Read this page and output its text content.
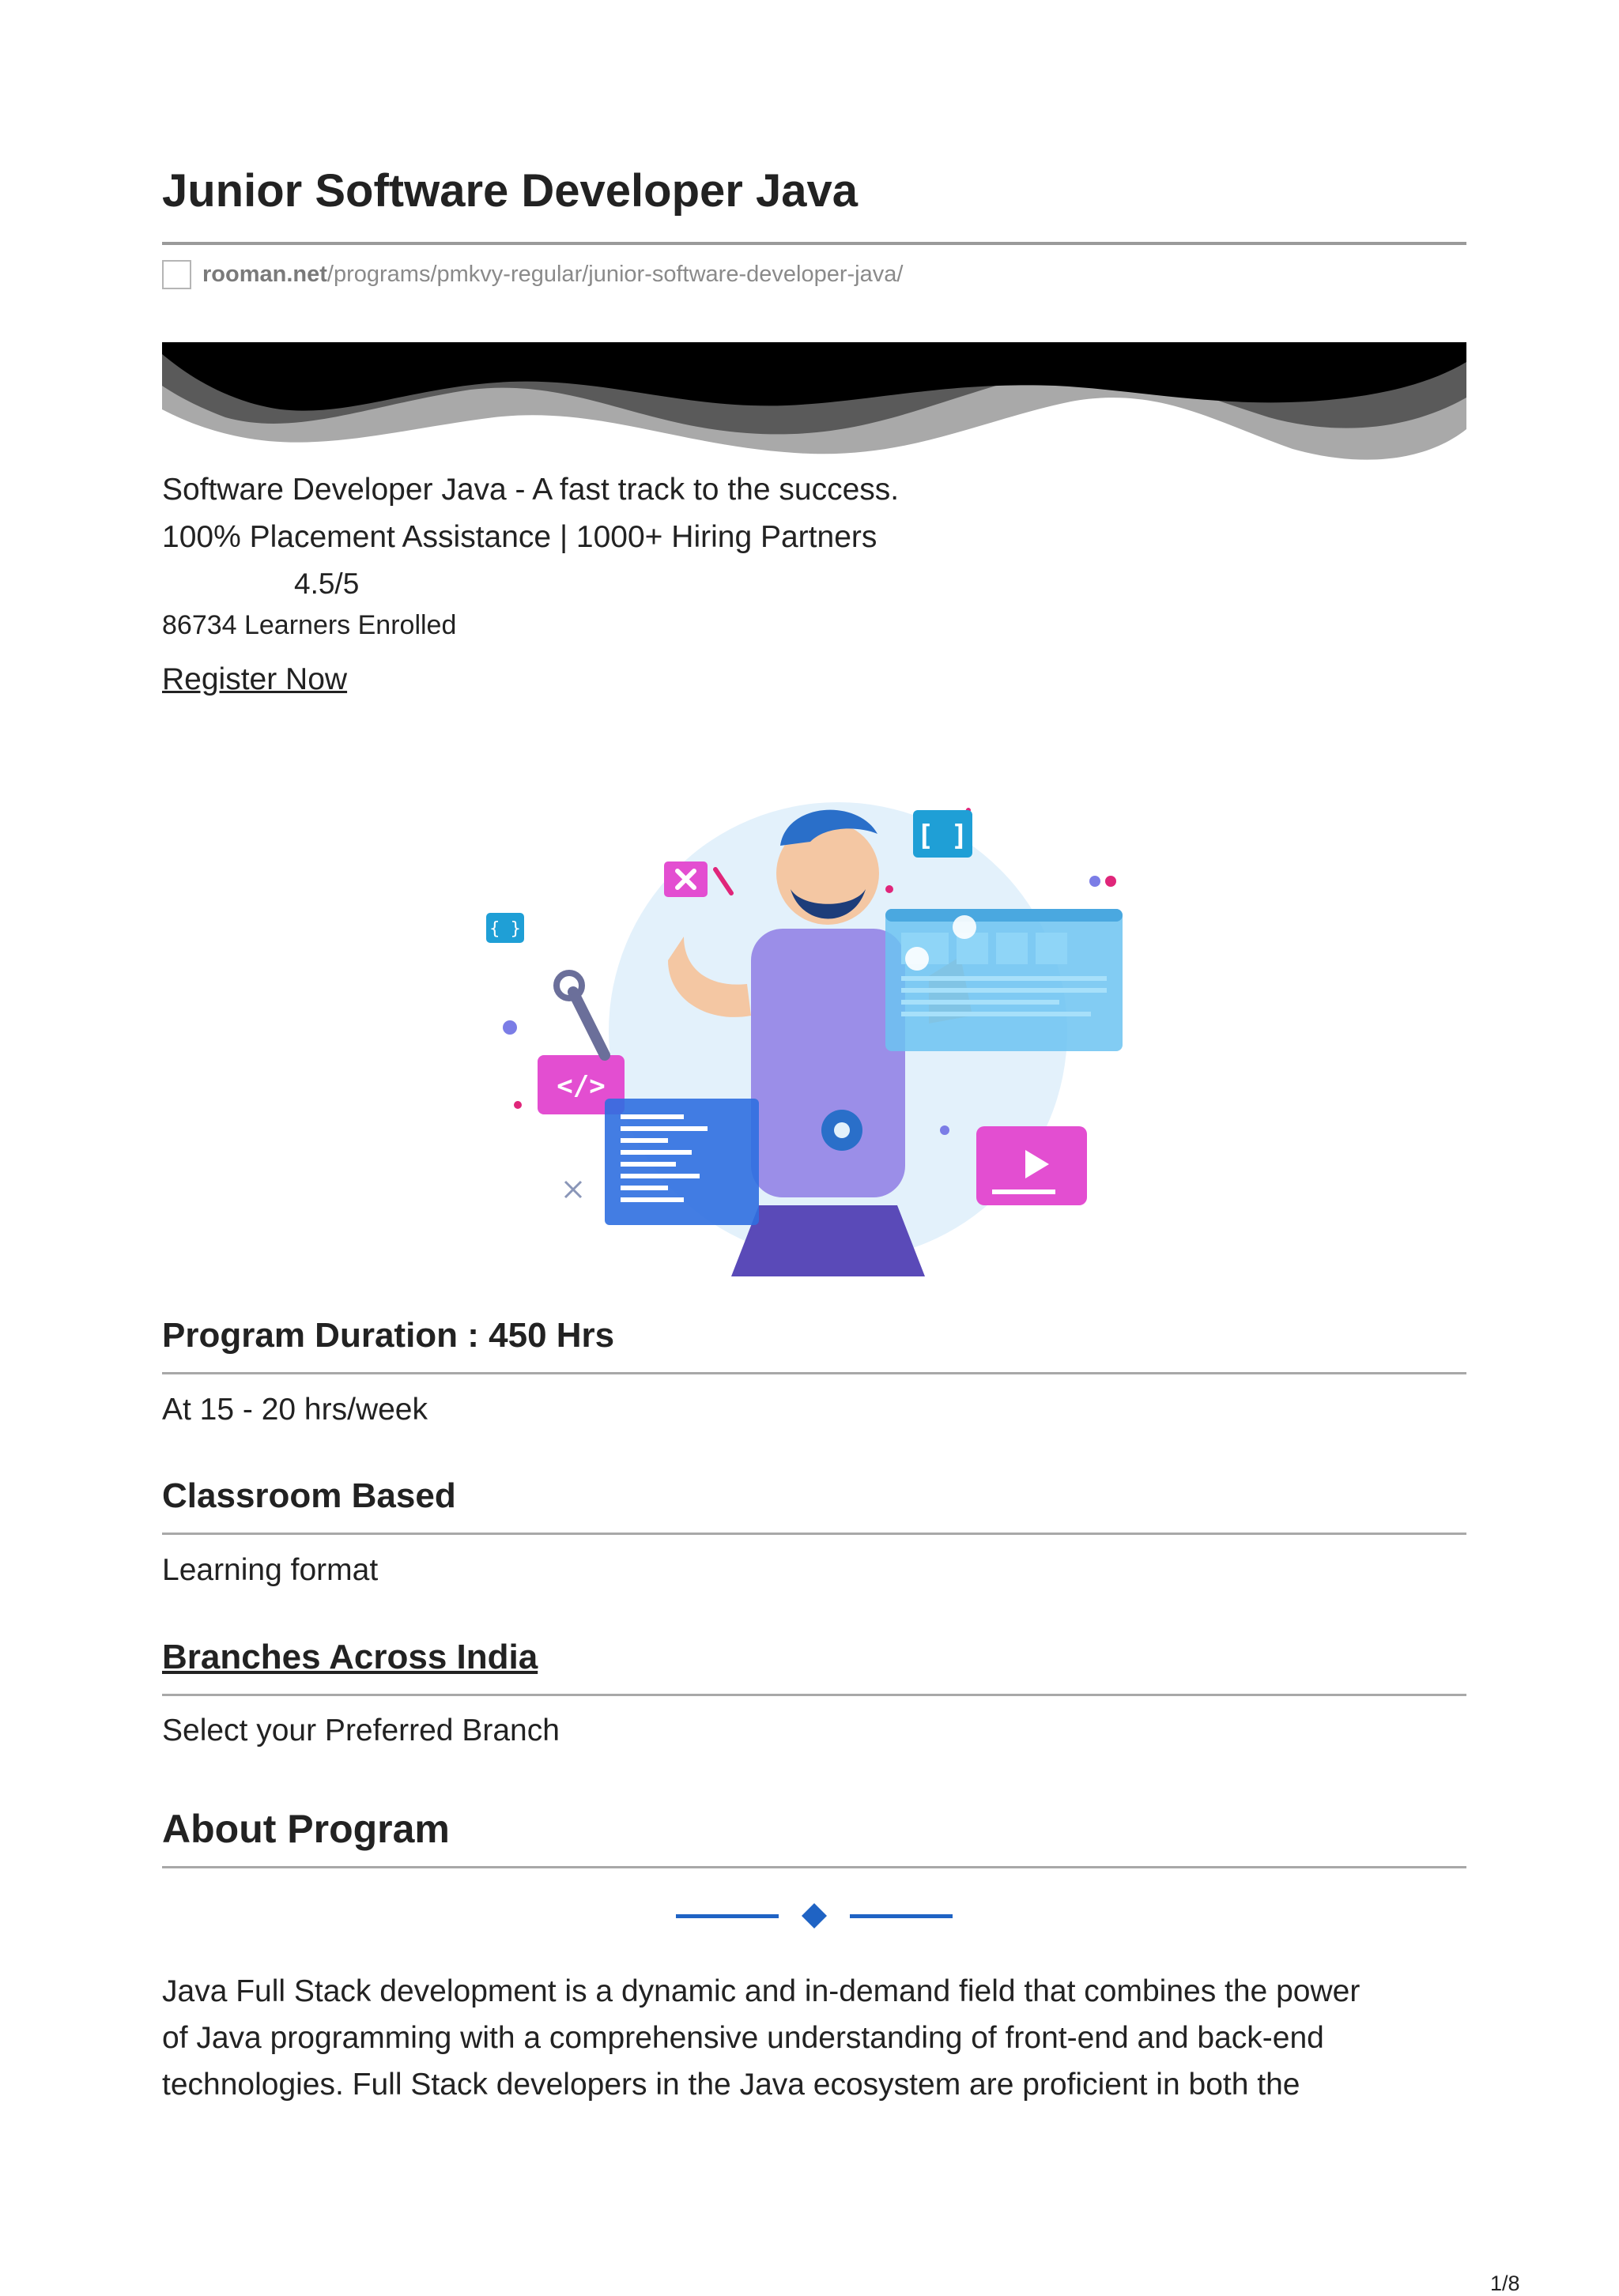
Junior Software Developer Java
rooman.net /programs/pmkvy-regular/junior-software-developer-java/
Software Developer Java - A fast track to the success.
100% Placement Assistance | 1000+ Hiring Partners
4.5/5
86734 Learners Enrolled
Register Now
[ ]
{ }
</>
Program Duration : 450 Hrs
At 15 - 20 hrs/week
Classroom Based
Learning format
Branches Across India
Select your Preferred Branch
About Program

Java Full Stack development is a dynamic and in-demand field that combines the power
of Java programming with a comprehensive understanding of front-end and back-end
technologies. Full Stack developers in the Java ecosystem are proficient in both the

1/8
